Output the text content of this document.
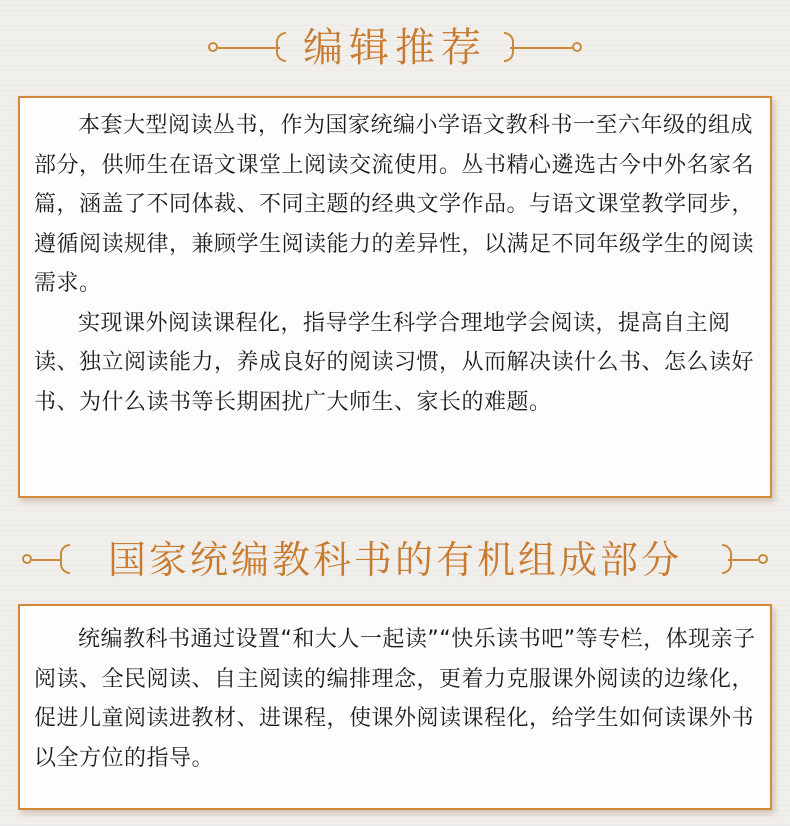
编辑推荐

本套大型阅读丛书，作为国家统编小学语文教科书一至六年级的组成部分，供师生在语文课堂上阅读交流使用。丛书精心遴选古今中外名家名篇，涵盖了不同体裁、不同主题的经典文学作品。与语文课堂教学同步，遵循阅读规律，兼顾学生阅读能力的差异性，以满足不同年级学生的阅读需求。

实现课外阅读课程化，指导学生科学合理地学会阅读，提高自主阅读、独立阅读能力，养成良好的阅读习惯，从而解决读什么书、怎么读好书、为什么读书等长期困扰广大师生、家长的难题。

国家统编教科书的有机组成部分

统编教科书通过设置“和大人一起读”“快乐读书吧”等专栏，体现亲子阅读、全民阅读、自主阅读的编排理念，更着力克服课外阅读的边缘化，促进儿童阅读进教材、进课程，使课外阅读课程化，给学生如何读课外书以全方位的指导。
